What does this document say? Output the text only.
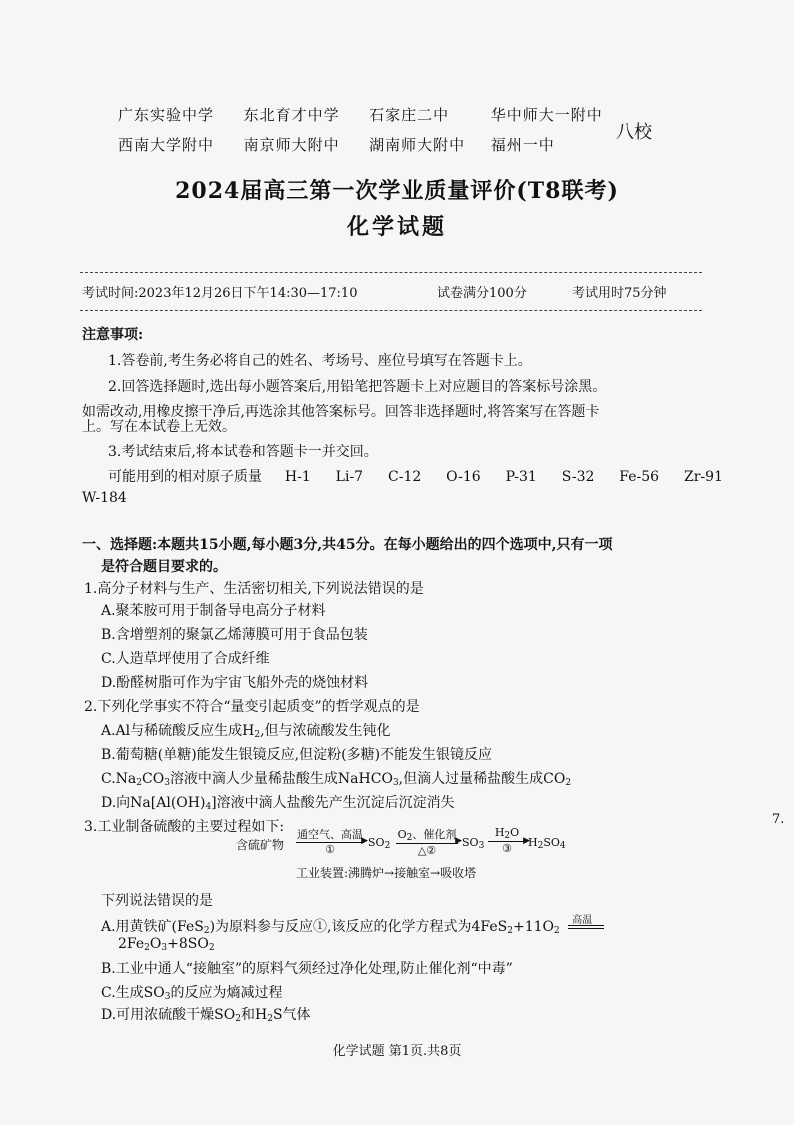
广东实验中学 东北育才中学 石家庄二中	华中师大一附中
西南大学附中 南京师大附中 湖南师大附中 福州一中
八校
2024届高三第一次学业质量评价(T8联考)
化学试题
考试时间:2023年12月26日下午14:30—17:10	试卷满分100分	考试用时75分钟
注意事项:
1.答卷前,考生务必将自己的姓名、考场号、座位号填写在答题卡上。
2.回答选择题时,选出每小题答案后,用铅笔把答题卡上对应题目的答案标号涂黑。
如需改动,用橡皮擦干净后,再选涂其他答案标号。回答非选择题时,将答案写在答题卡
上。写在本试卷上无效。
3.考试结束后,将本试卷和答题卡一并交回。
可能用到的相对原子质量 H-1 Li-7 C-12 O-16 P-31 S-32 Fe-56 Zr-91
W-184
一、选择题:本题共15小题,每小题3分,共45分。在每小题给出的四个选项中,只有一项
是符合题目要求的。
1.高分子材料与生产、生活密切相关,下列说法错误的是
A.聚苯胺可用于制备导电高分子材料
B.含增塑剂的聚氯乙烯薄膜可用于食品包装
C.人造草坪使用了合成纤维
D.酚醛树脂可作为宇宙飞船外壳的烧蚀材料
2.下列化学事实不符合“量变引起质变”的哲学观点的是
A.Al与稀硫酸反应生成$H_2$,但与浓硫酸发生钝化
B.葡萄糖(单糖)能发生银镜反应,但淀粉(多糖)不能发生银镜反应
$C.Na_2CO_3$溶液中滴人少量稀盐酸生成NaHCO$_3$,但滴人过量稀盐酸生成$CO_2$
D.向$Na[Al(OH)_4]$溶液中滴人盐酸先产生沉淀后沉淀消失
3.工业制备硫酸的主要过程如下:
含硫矿物
通空气、高温
▶
①
$SO_2$
$O_2$、催化剂
▶
△②
$SO_3$
$H_2O$
▶
③	$H_2SO_4$
工业装置:沸腾炉→接触室→吸收塔
下列说法错误的是
A.用黄铁矿(FeS$_2$)为原料参与反应①,该反应的化学方程式为$4FeS_2+11O_2$
高温
$2Fe_2O_3+8SO_2$
B.工业中通人“接触室”的原料气须经过净化处理,防止催化剂“中毒”
C.生成$SO_3$的反应为熵减过程
D.可用浓硫酸干燥$SO_2$和$H_2S$气体
化学试题 第1页.共8页
7.
